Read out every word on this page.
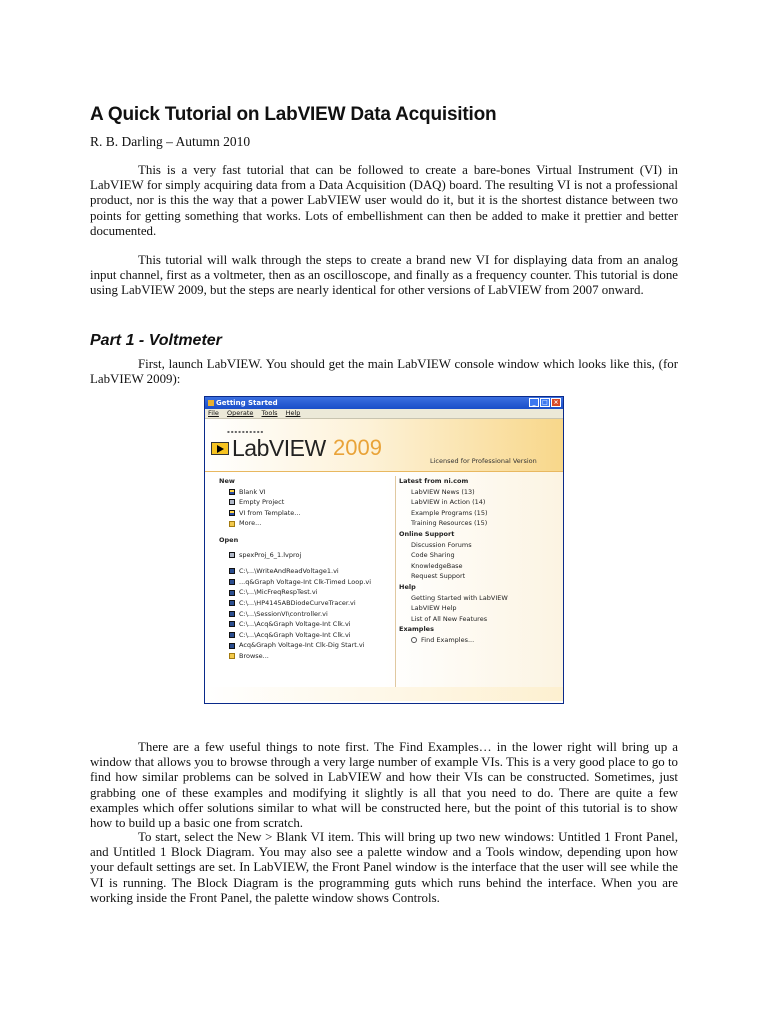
A Quick Tutorial on LabVIEW Data Acquisition
R. B. Darling – Autumn 2010

This is a very fast tutorial that can be followed to create a bare-bones Virtual Instrument (VI) in LabVIEW for simply acquiring data from a Data Acquisition (DAQ) board. The resulting VI is not a professional product, nor is this the way that a power LabVIEW user would do it, but it is the shortest distance between two points for getting something that works. Lots of embellishment can then be added to make it prettier and better documented.

This tutorial will walk through the steps to create a brand new VI for displaying data from an analog input channel, first as a voltmeter, then as an oscilloscope, and finally as a frequency counter. This tutorial is done using LabVIEW 2009, but the steps are nearly identical for other versions of LabVIEW from 2007 onward.

Part 1 - Voltmeter

First, launch LabVIEW. You should get the main LabVIEW console window which looks like this, (for LabVIEW 2009):

Getting Started	_	□ ×
File Operate Tools Help
▪▪▪▪▪▪▪▪▪▪
LabVIEW 2009
Licensed for Professional Version
New
Blank VI
Empty Project
VI from Template...
More...
Open
spexProj_6_1.lvproj
C:\...\WriteAndReadVoltage1.vi
...q&Graph Voltage-Int Clk-Timed Loop.vi
C:\...\MicFreqRespTest.vi
C:\...\HP4145ABDiodeCurveTracer.vi
C:\...\SessionVI\controller.vi
C:\...\Acq&Graph Voltage-Int Clk.vi
C:\...\Acq&Graph Voltage-Int Clk.vi
Acq&Graph Voltage-Int Clk-Dig Start.vi
Browse...
Latest from ni.com
LabVIEW News (13)
LabVIEW in Action (14)
Example Programs (15)
Training Resources (15)
Online Support
Discussion Forums
Code Sharing
KnowledgeBase
Request Support
Help
Getting Started with LabVIEW
LabVIEW Help
List of All New Features
Examples
Find Examples...

There are a few useful things to note first. The Find Examples… in the lower right will bring up a window that allows you to browse through a very large number of example VIs. This is a very good place to go to find how similar problems can be solved in LabVIEW and how their VIs can be constructed. Sometimes, just grabbing one of these examples and modifying it slightly is all that you need to do. There are quite a few examples which offer solutions similar to what will be constructed here, but the point of this tutorial is to show how to build up a basic one from scratch.

To start, select the New > Blank VI item. This will bring up two new windows: Untitled 1 Front Panel, and Untitled 1 Block Diagram. You may also see a palette window and a Tools window, depending upon how your default settings are set. In LabVIEW, the Front Panel window is the interface that the user will see while the VI is running. The Block Diagram is the programming guts which runs behind the interface. When you are working inside the Front Panel, the palette window shows Controls.
